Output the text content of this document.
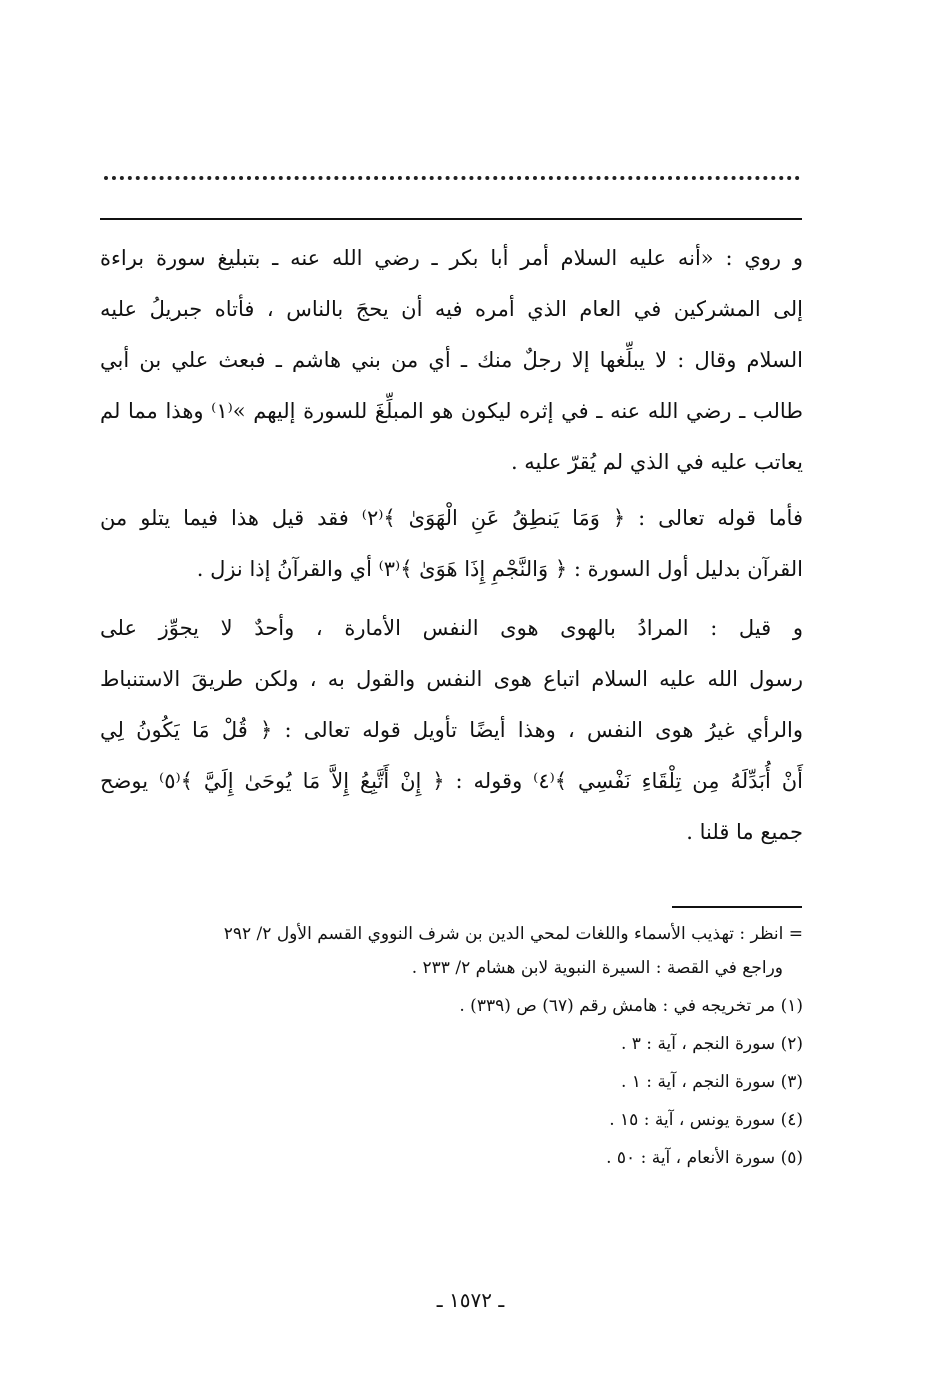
و روي : «أنه عليه السلام أمر أبا بكر ـ رضي الله عنه ـ بتبليغ سورة براءة
إلى المشركين في العام الذي أمره فيه أن يحجَ بالناس ، فأتاه جبريلُ عليه
السلام وقال : لا يبلِّغها إلا رجلٌ منك ـ أي من بني هاشم ـ فبعث علي بن أبي
طالب ـ رضي الله عنه ـ في إثره ليكون هو المبلِّغَ للسورة إليهم »⁽١⁾ وهذا مما لم
يعاتب عليه في الذي لم يُقرّ عليه .
فأما قوله تعالى : ﴿ وَمَا يَنطِقُ عَنِ الْهَوَىٰ ﴾⁽٢⁾ فقد قيل هذا فيما يتلو من
القرآن بدليل أول السورة : ﴿ وَالنَّجْمِ إِذَا هَوَىٰ ﴾⁽٣⁾ أي والقرآنُ إذا نزل .
و قيل : المرادُ بالهوى هوى النفس الأمارة ، وأحدٌ لا يجوِّز على
رسول الله عليه السلام اتباع هوى النفس والقول به ، ولكن طريقَ الاستنباط
والرأي غيرُ هوى النفس ، وهذا أيضًا تأويل قوله تعالى : ﴿ قُلْ مَا يَكُونُ لِي
أَنْ أُبَدِّلَهُ مِن تِلْقَاءِ نَفْسِي ﴾⁽٤⁾ وقوله : ﴿ إِنْ أَتَّبِعُ إِلاَّ مَا يُوحَىٰ إِلَيَّ ﴾⁽٥⁾ يوضح
جميع ما قلنا .
= انظر : تهذيب الأسماء واللغات لمحي الدين بن شرف النووي القسم الأول ٢/ ٢٩٢
وراجع في القصة : السيرة النبوية لابن هشام ٢/ ٢٣٣ .
(١) مر تخريجه في : هامش رقم (٦٧) ص (٣٣٩) .
(٢) سورة النجم ، آية : ٣ .
(٣) سورة النجم ، آية : ١ .
(٤) سورة يونس ، آية : ١٥ .
(٥) سورة الأنعام ، آية : ٥٠ .
ـ ١٥٧٢ ـ
